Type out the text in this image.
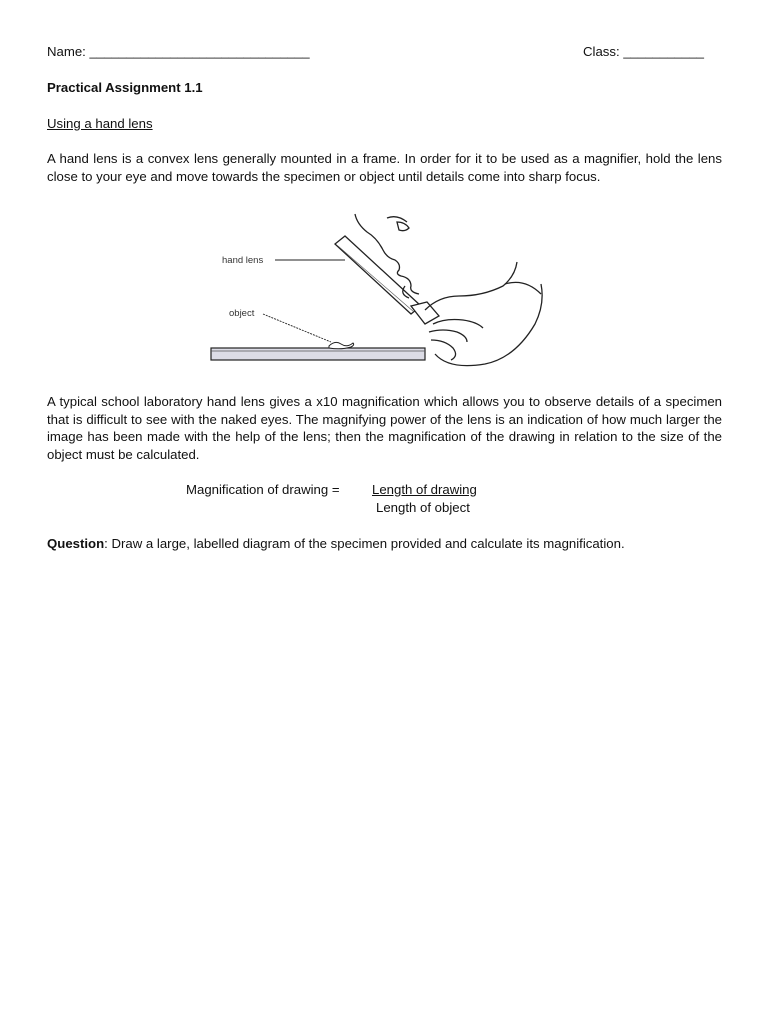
Name: ______________________________	Class: ___________
Practical Assignment 1.1
Using a hand lens

A hand lens is a convex lens generally mounted in a frame. In order for it to be used as a magnifier, hold the lens close to your eye and move towards the specimen or object until details come into sharp focus.

hand lens
object

A typical school laboratory hand lens gives a x10 magnification which allows you to observe details of a specimen that is difficult to see with the naked eyes. The magnifying power of the lens is an indication of how much larger the image has been made with the help of the lens; then the magnification of the drawing in relation to the size of the object must be calculated.

Magnification of drawing = Length of drawing
Length of object
Question: Draw a large, labelled diagram of the specimen provided and calculate its magnification.
